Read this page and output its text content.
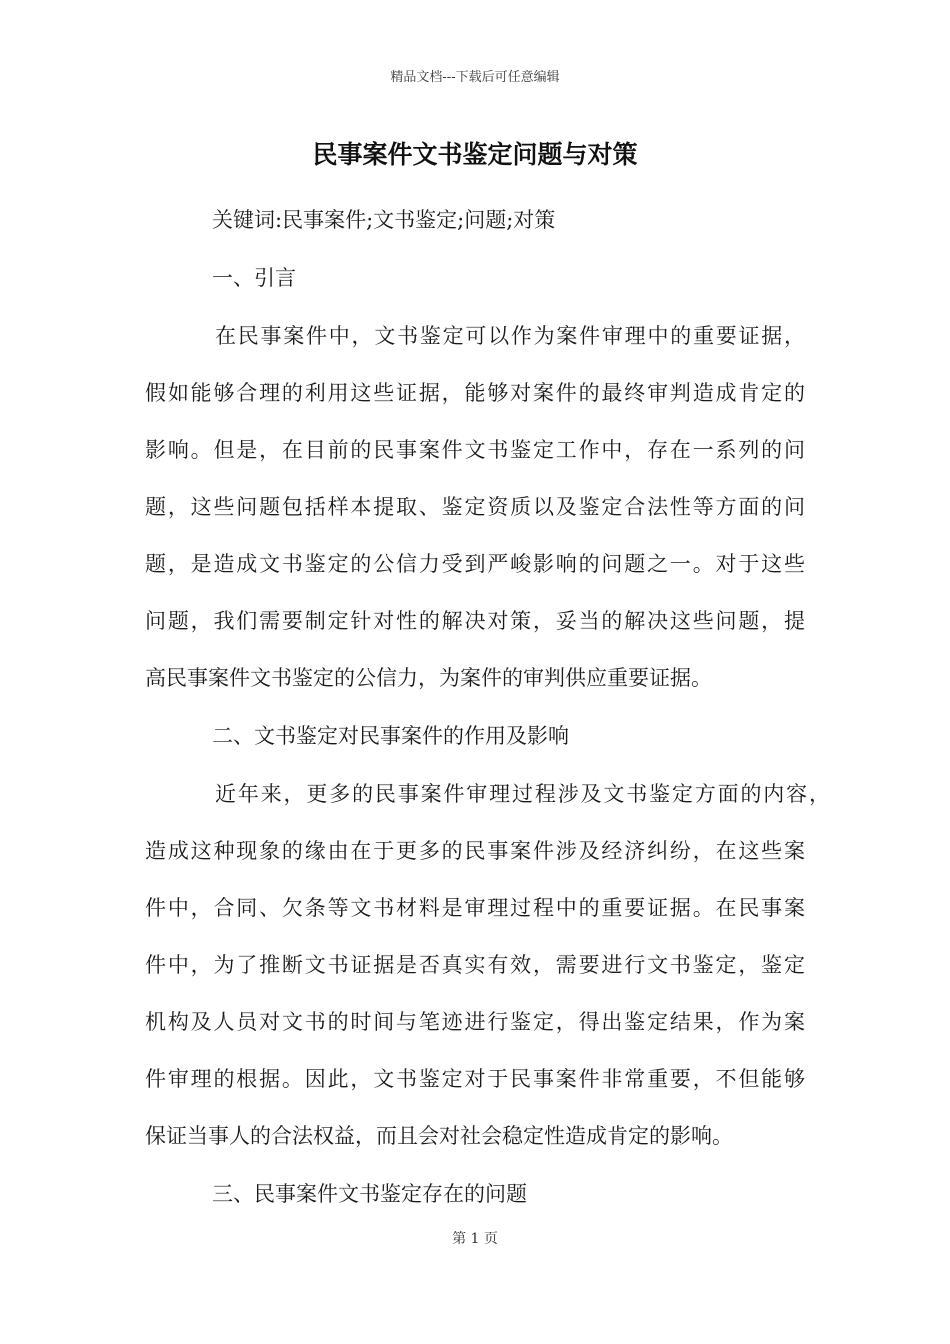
精品文档---下载后可任意编辑
民事案件文书鉴定问题与对策
关键词:民事案件;文书鉴定;问题;对策
一、引言
在民事案件中，文书鉴定可以作为案件审理中的重要证据，
假如能够合理的利用这些证据，能够对案件的最终审判造成肯定的
影响。但是，在目前的民事案件文书鉴定工作中，存在一系列的问
题，这些问题包括样本提取、鉴定资质以及鉴定合法性等方面的问
题，是造成文书鉴定的公信力受到严峻影响的问题之一。对于这些
问题，我们需要制定针对性的解决对策，妥当的解决这些问题，提
高民事案件文书鉴定的公信力，为案件的审判供应重要证据。
二、文书鉴定对民事案件的作用及影响
近年来，更多的民事案件审理过程涉及文书鉴定方面的内容，
造成这种现象的缘由在于更多的民事案件涉及经济纠纷，在这些案
件中，合同、欠条等文书材料是审理过程中的重要证据。在民事案
件中，为了推断文书证据是否真实有效，需要进行文书鉴定，鉴定
机构及人员对文书的时间与笔迹进行鉴定，得出鉴定结果，作为案
件审理的根据。因此，文书鉴定对于民事案件非常重要，不但能够
保证当事人的合法权益，而且会对社会稳定性造成肯定的影响。
三、民事案件文书鉴定存在的问题
第 1 页
